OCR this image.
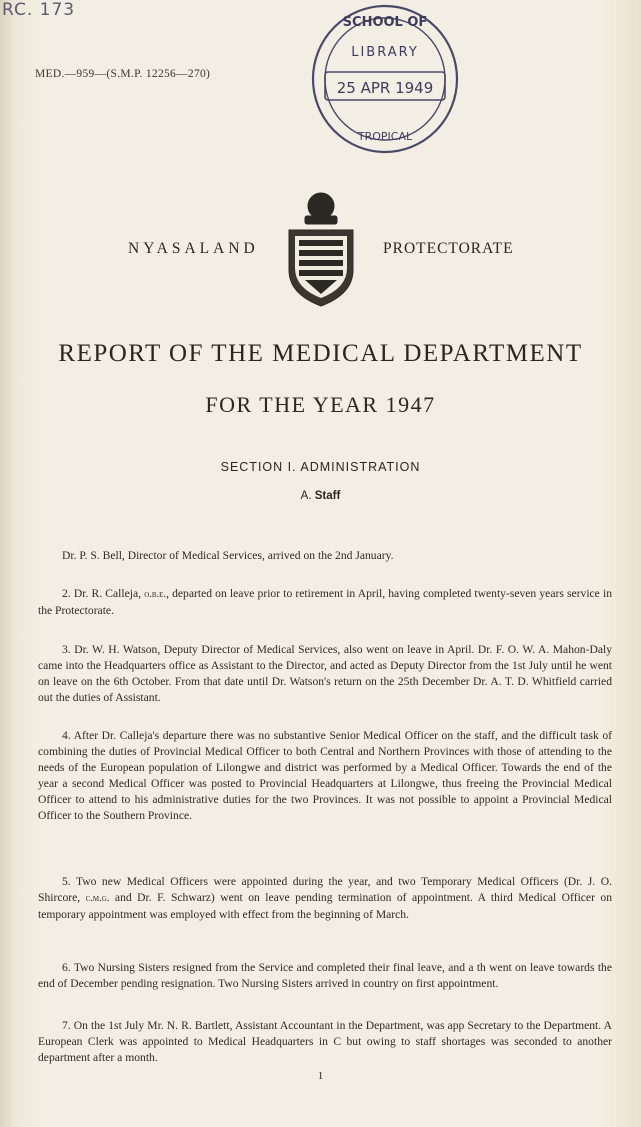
RC. 173
MED.—959—(S.M.P. 12256—270)
SCHOOL OF
LIBRARY
25 APR 1949
TROPICAL
NYASALAND	PROTECTORATE
REPORT OF THE MEDICAL DEPARTMENT
FOR THE YEAR 1947
SECTION I. ADMINISTRATION
A. Staff
Dr. P. S. Bell, Director of Medical Services, arrived on the 2nd January.
2. Dr. R. Calleja, o.b.e., departed on leave prior to retirement in April, having completed twenty-seven years service in the Protectorate.
3. Dr. W. H. Watson, Deputy Director of Medical Services, also went on leave in April. Dr. F. O. W. A. Mahon-Daly came into the Headquarters office as Assistant to the Director, and acted as Deputy Director from the 1st July until he went on leave on the 6th October. From that date until Dr. Watson's return on the 25th December Dr. A. T. D. Whitfield carried out the duties of Assistant.
4. After Dr. Calleja's departure there was no substantive Senior Medical Officer on the staff, and the difficult task of combining the duties of Provincial Medical Officer to both Central and Northern Provinces with those of attending to the needs of the European population of Lilongwe and district was performed by a Medical Officer. Towards the end of the year a second Medical Officer was posted to Provincial Headquarters at Lilongwe, thus freeing the Provincial Medical Officer to attend to his administrative duties for the two Provinces. It was not possible to appoint a Provincial Medical Officer to the Southern Province.
5. Two new Medical Officers were appointed during the year, and two Temporary Medical Officers (Dr. J. O. Shircore, c.m.g. and Dr. F. Schwarz) went on leave pending termination of appointment. A third Medical Officer on temporary appointment was employed with effect from the beginning of March.
6. Two Nursing Sisters resigned from the Service and completed their final leave, and a th went on leave towards the end of December pending resignation. Two Nursing Sisters arrived in country on first appointment.
7. On the 1st July Mr. N. R. Bartlett, Assistant Accountant in the Department, was app Secretary to the Department. A European Clerk was appointed to Medical Headquarters in C but owing to staff shortages was seconded to another department after a month.
1
